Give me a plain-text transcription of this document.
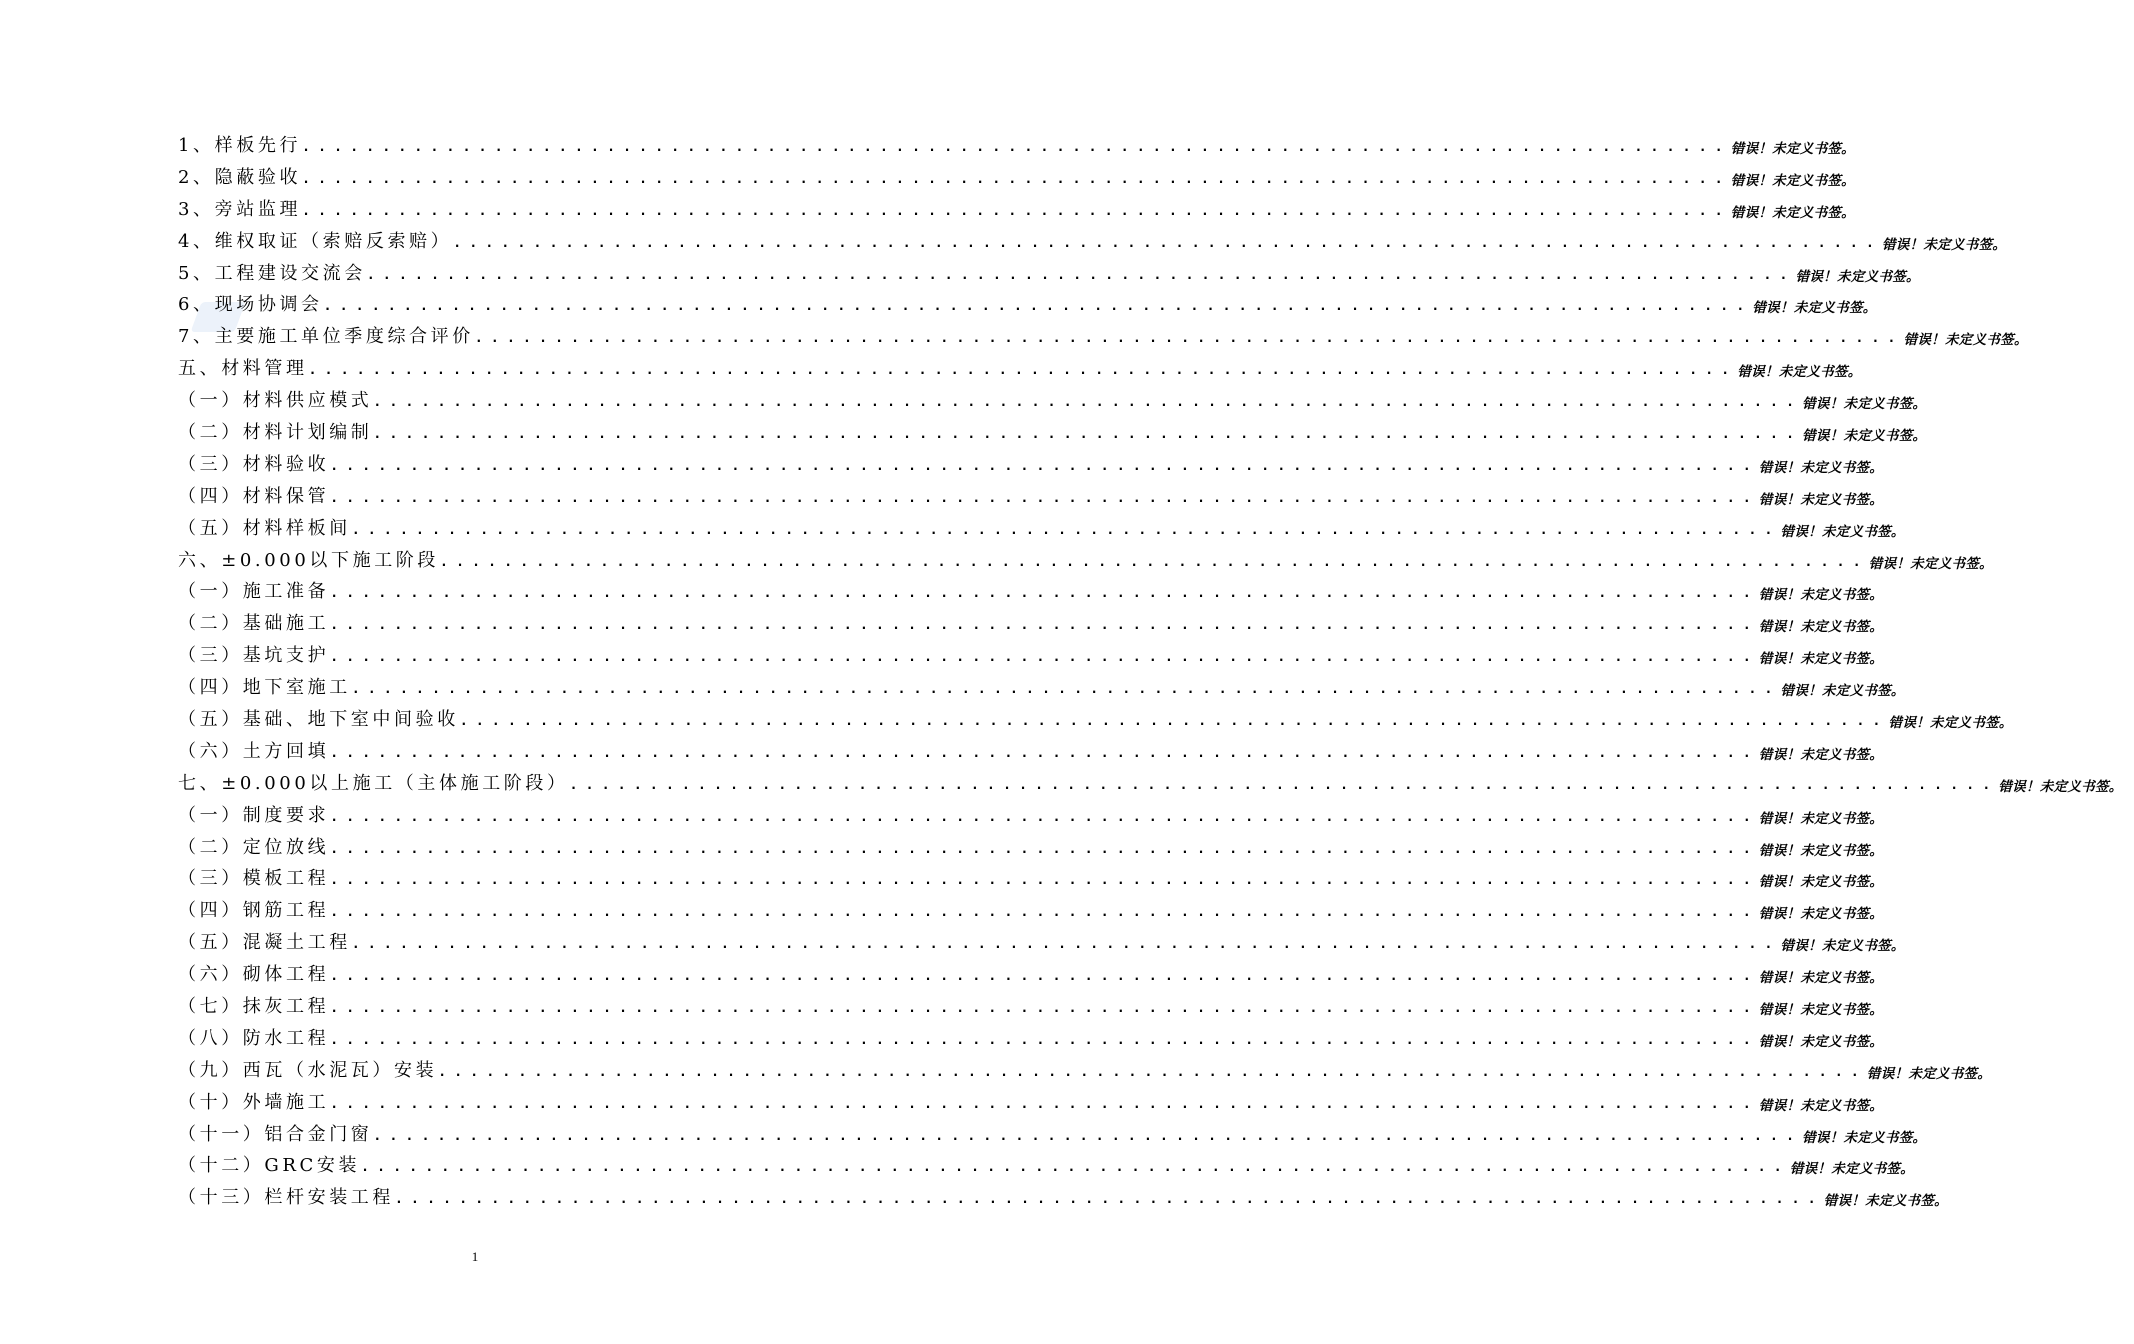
1、样板先行 . . .	错误！未定义书签。
2、隐蔽验收 . . .	错误！未定义书签。
3、旁站监理 . . .	错误！未定义书签。
4、维权取证（索赔反索赔） . . .	错误！未定义书签。
5、工程建设交流会 . . .	错误！未定义书签。
6、现场协调会 . . .	错误！未定义书签。
7、主要施工单位季度综合评价 . . .	错误！未定义书签。
五、材料管理 . . .	错误！未定义书签。
（一）材料供应模式 . . .	错误！未定义书签。
（二）材料计划编制 . . .	错误！未定义书签。
（三）材料验收 . . .	错误！未定义书签。
（四）材料保管 . . .	错误！未定义书签。
（五）材料样板间 . . .	错误！未定义书签。
六、±0.000以下施工阶段 . . .	错误！未定义书签。
（一）施工准备 . . .	错误！未定义书签。
（二）基础施工 . . .	错误！未定义书签。
（三）基坑支护 . . .	错误！未定义书签。
（四）地下室施工 . . .	错误！未定义书签。
（五）基础、地下室中间验收 . . .	错误！未定义书签。
（六）土方回填 . . .	错误！未定义书签。
七、±0.000以上施工（主体施工阶段） . . .	错误！未定义书签。
（一）制度要求 . . .	错误！未定义书签。
（二）定位放线 . . .	错误！未定义书签。
（三）模板工程 . . .	错误！未定义书签。
（四）钢筋工程 . . .	错误！未定义书签。
（五）混凝土工程 . . .	错误！未定义书签。
（六）砌体工程 . . .	错误！未定义书签。
（七）抹灰工程 . . .	错误！未定义书签。
（八）防水工程 . . .	错误！未定义书签。
（九）西瓦（水泥瓦）安装 . . .	错误！未定义书签。
（十）外墙施工 . . .	错误！未定义书签。
（十一）铝合金门窗 . . .	错误！未定义书签。
（十二）GRC安装 . . .	错误！未定义书签。
（十三）栏杆安装工程 . . .	错误！未定义书签。
1
